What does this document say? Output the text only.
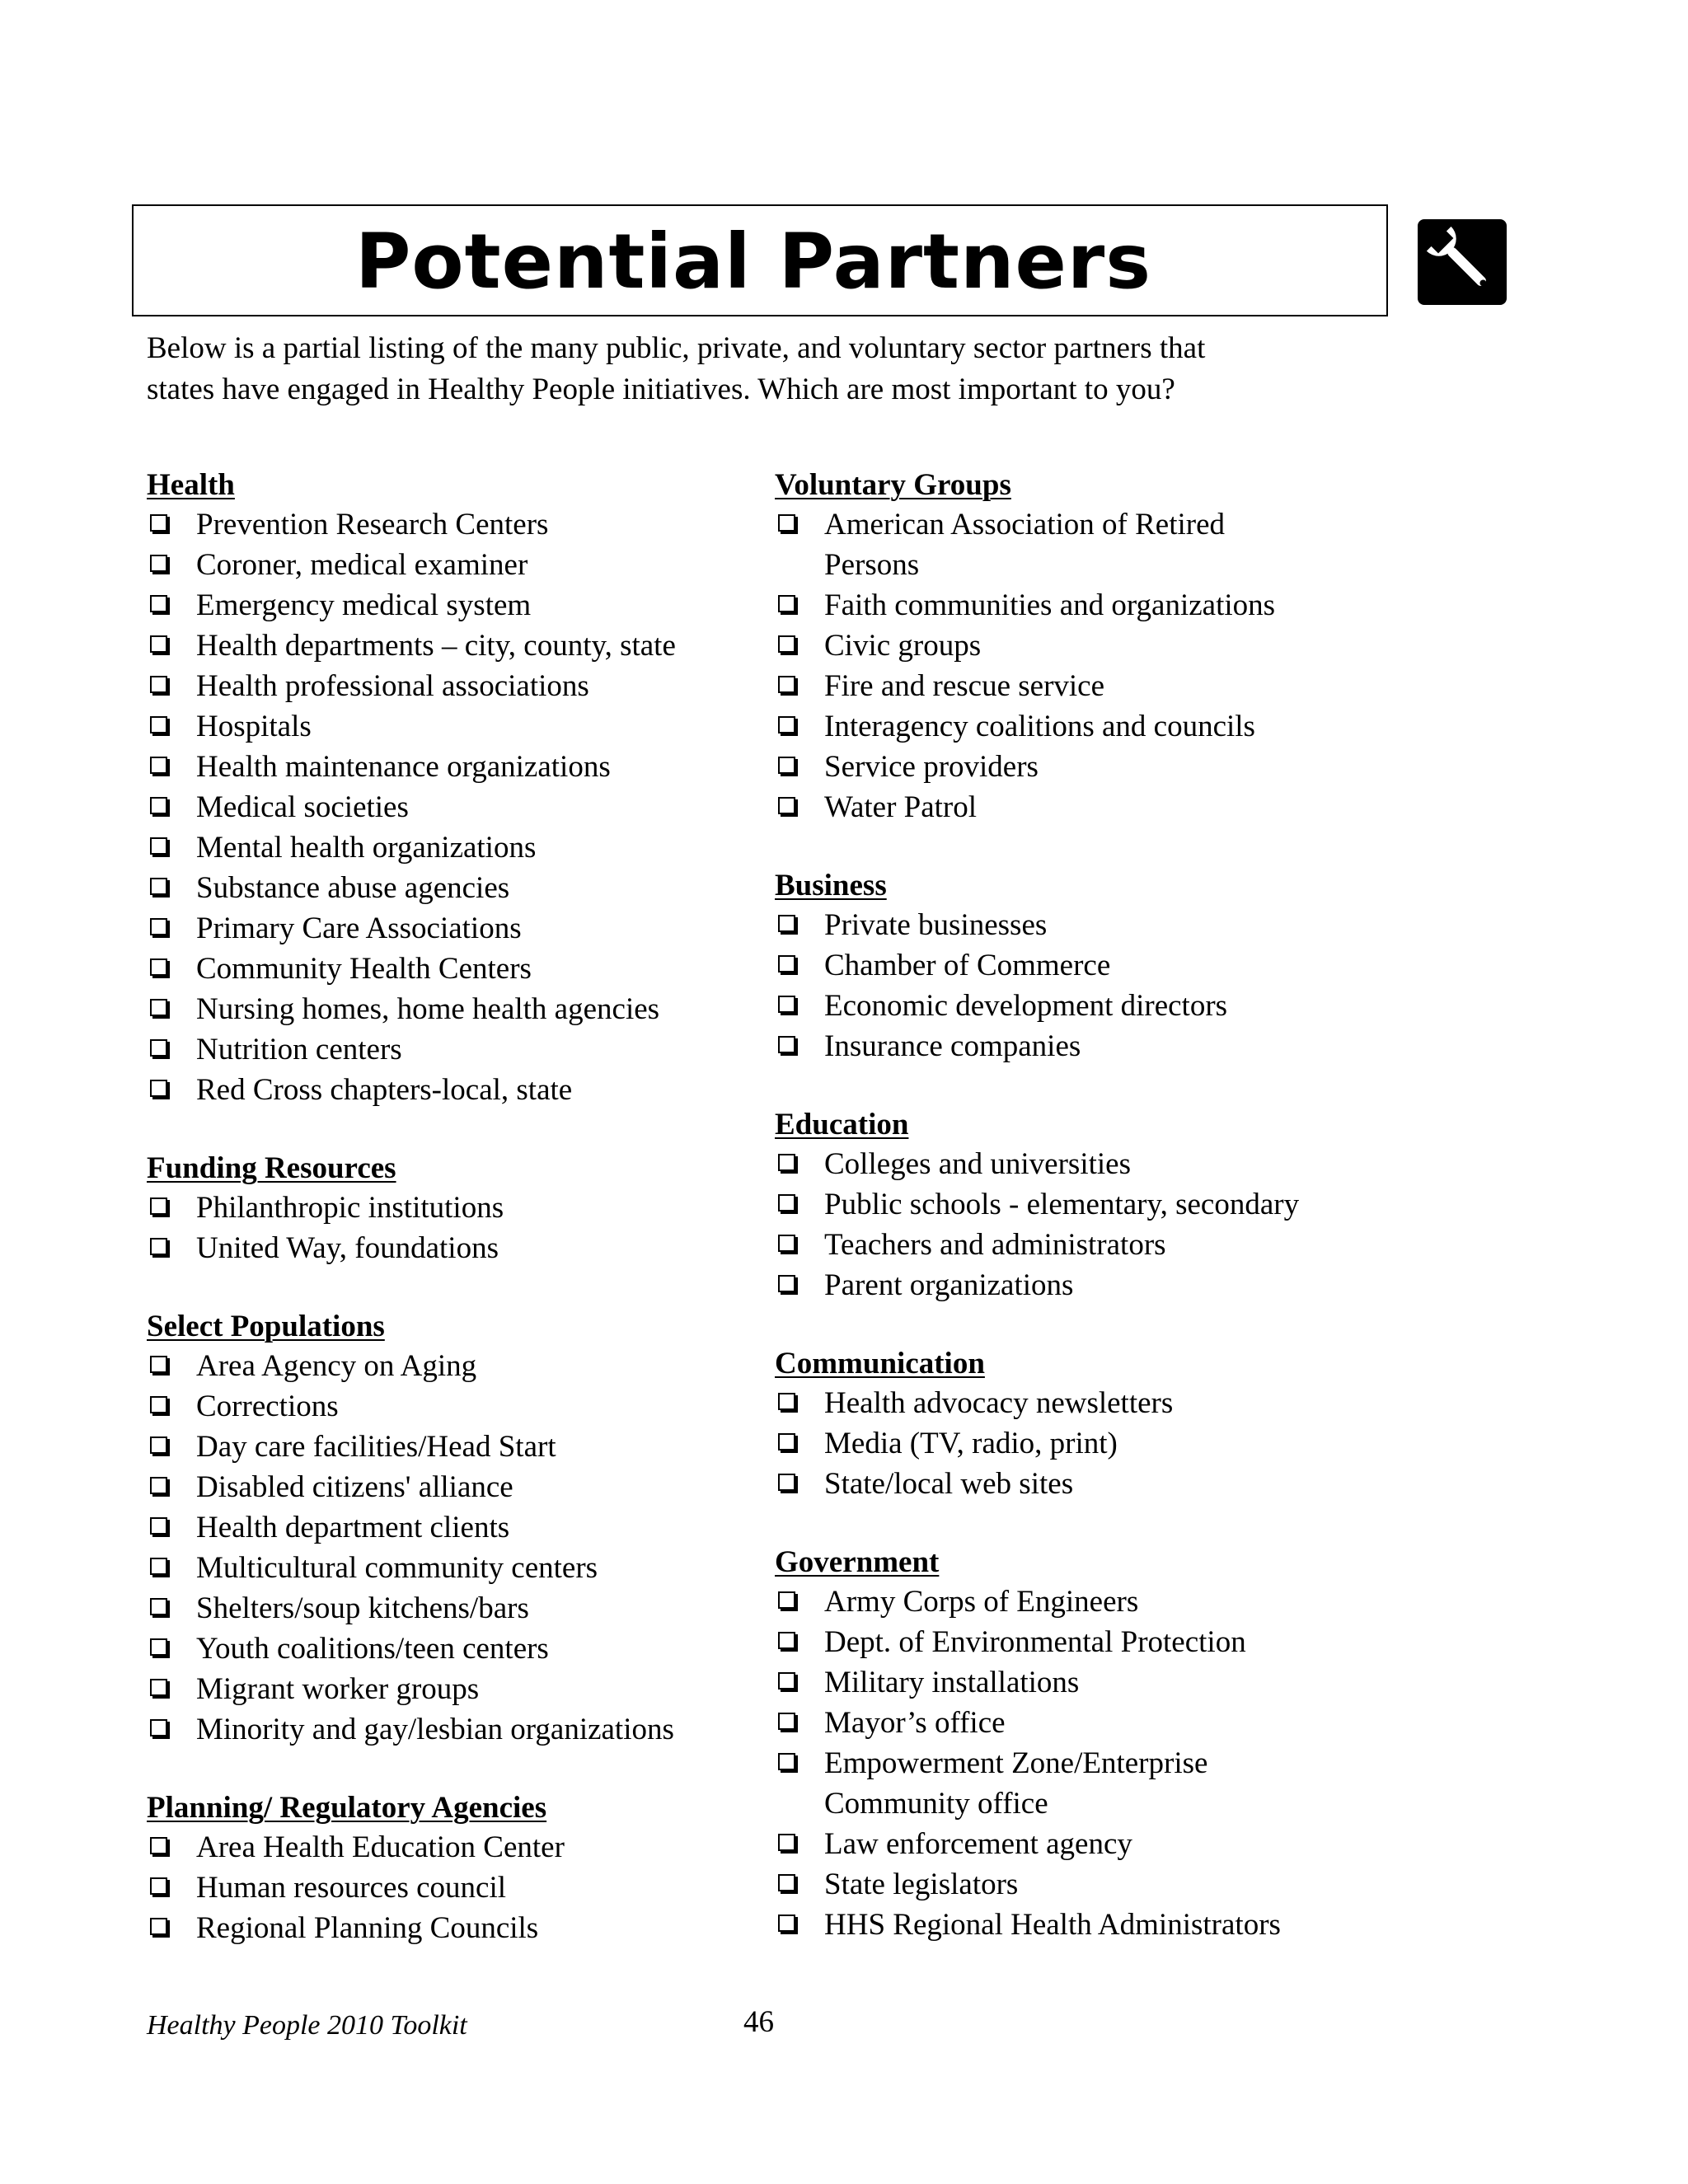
Potential Partners
Below is a partial listing of the many public, private, and voluntary sector partners that
states have engaged in Healthy People initiatives. Which are most important to you?
Health
Prevention Research Centers
Coroner, medical examiner
Emergency medical system
Health departments – city, county, state
Health professional associations
Hospitals
Health maintenance organizations
Medical societies
Mental health organizations
Substance abuse agencies
Primary Care Associations
Community Health Centers
Nursing homes, home health agencies
Nutrition centers
Red Cross chapters-local, state
Funding Resources
Philanthropic institutions
United Way, foundations
Select Populations
Area Agency on Aging
Corrections
Day care facilities/Head Start
Disabled citizens' alliance
Health department clients
Multicultural community centers
Shelters/soup kitchens/bars
Youth coalitions/teen centers
Migrant worker groups
Minority and gay/lesbian organizations
Planning/ Regulatory Agencies
Area Health Education Center
Human resources council
Regional Planning Councils
Voluntary Groups
American Association of Retired
Persons
Faith communities and organizations
Civic groups
Fire and rescue service
Interagency coalitions and councils
Service providers
Water Patrol
Business
Private businesses
Chamber of Commerce
Economic development directors
Insurance companies
Education
Colleges and universities
Public schools - elementary, secondary
Teachers and administrators
Parent organizations
Communication
Health advocacy newsletters
Media (TV, radio, print)
State/local web sites
Government
Army Corps of Engineers
Dept. of Environmental Protection
Military installations
Mayor’s office
Empowerment Zone/Enterprise
Community office
Law enforcement agency
State legislators
HHS Regional Health Administrators
Healthy People 2010 Toolkit	46
